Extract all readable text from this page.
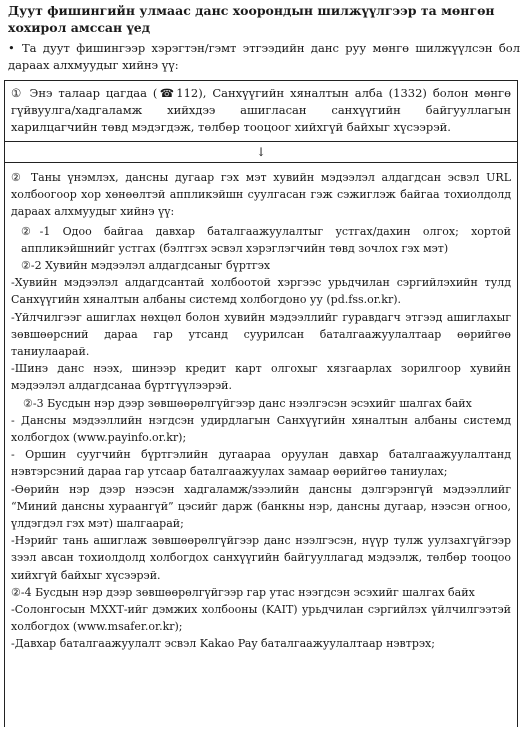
Дуут фишингийн улмаас данс хоорондын шилжүүлгээр та мөнгөн хохирол амссан үед
• Та дуут фишингээр хэрэгтэн/гэмт этгээдийн данс руу мөнгө шилжүүлсэн бол дараах алхмуудыг хийнэ үү:
① Энэ талаар цагдаа (☎112), Санхүүгийн хяналтын алба (1332) болон мөнгө гүйвуулга/хадгаламж хийхдээ ашигласан санхүүгийн байгууллагын харилцагчийн төвд мэдэгдэж, төлбөр тооцоог хийхгүй байхыг хүсээрэй.
↓

② Таны үнэмлэх, дансны дугаар гэх мэт хувийн мэдээлэл алдагдсан эсвэл URL холбоогоор хор хөнөөлтэй аппликэйшн суулгасан гэж сэжиглэж байгаа тохиолдолд дараах алхмуудыг хийнэ үү:

②-1 Одоо байгаа давхар баталгаажуулалтыг устгах/дахин олгох; хортой аппликэйшнийг устгах (бэлтгэх эсвэл хэрэглэгчийн төвд зочлох гэх мэт)

②-2 Хувийн мэдээлэл алдагдсаныг бүртгэх

-Хувийн мэдээлэл алдагдсантай холбоотой хэргээс урьдчилан сэргийлэхийн тулд Санхүүгийн хяналтын албаны системд холбогдоно уу (pd.fss.or.kr).

-Үйлчилгээг ашиглах нөхцөл болон хувийн мэдээллийг гуравдагч этгээд ашиглахыг зөвшөөрсний дараа гар утсанд суурилсан баталгаажуулалтаар өөрийгөө таниулаарай.

-Шинэ данс нээх, шинээр кредит карт олгохыг хязгаарлах зорилгоор хувийн мэдээлэл алдагдсанаа бүртгүүлээрэй.

②-3 Бусдын нэр дээр зөвшөөрөлгүйгээр данс нээлгэсэн эсэхийг шалгах байх

- Дансны мэдээллийн нэгдсэн удирдлагын Санхүүгийн хяналтын албаны системд холбогдох (www.payinfo.or.kr);

- Оршин суугчийн бүртгэлийн дугаараа оруулан давхар баталгаажуулалтанд нэвтэрсэний дараа гар утсаар баталгаажуулах замаар өөрийгөө таниулах;

-Өөрийн нэр дээр нээсэн хадгаламж/зээлийн дансны дэлгэрэнгүй мэдээллийг “Миний дансны хураангүй” цэсийг дарж (банкны нэр, дансны дугаар, нээсэн огноо, үлдэгдэл гэх мэт) шалгаарай;

-Нэрийг тань ашиглаж зөвшөөрөлгүйгээр данс нээлгэсэн, нүүр тулж уулзахгүйгээр зээл авсан тохиолдолд холбогдох санхүүгийн байгууллагад мэдээлж, төлбөр тооцоо хийхгүй байхыг хүсээрэй.

②-4 Бусдын нэр дээр зөвшөөрөлгүйгээр гар утас нээгдсэн эсэхийг шалгах байх

-Солонгосын МХХТ-ийг дэмжих холбооны (KAIT) урьдчилан сэргийлэх үйлчилгээтэй холбогдох (www.msafer.or.kr);

-Давхар баталгаажуулалт эсвэл Kakao Pay баталгаажуулалтаар нэвтрэх;
